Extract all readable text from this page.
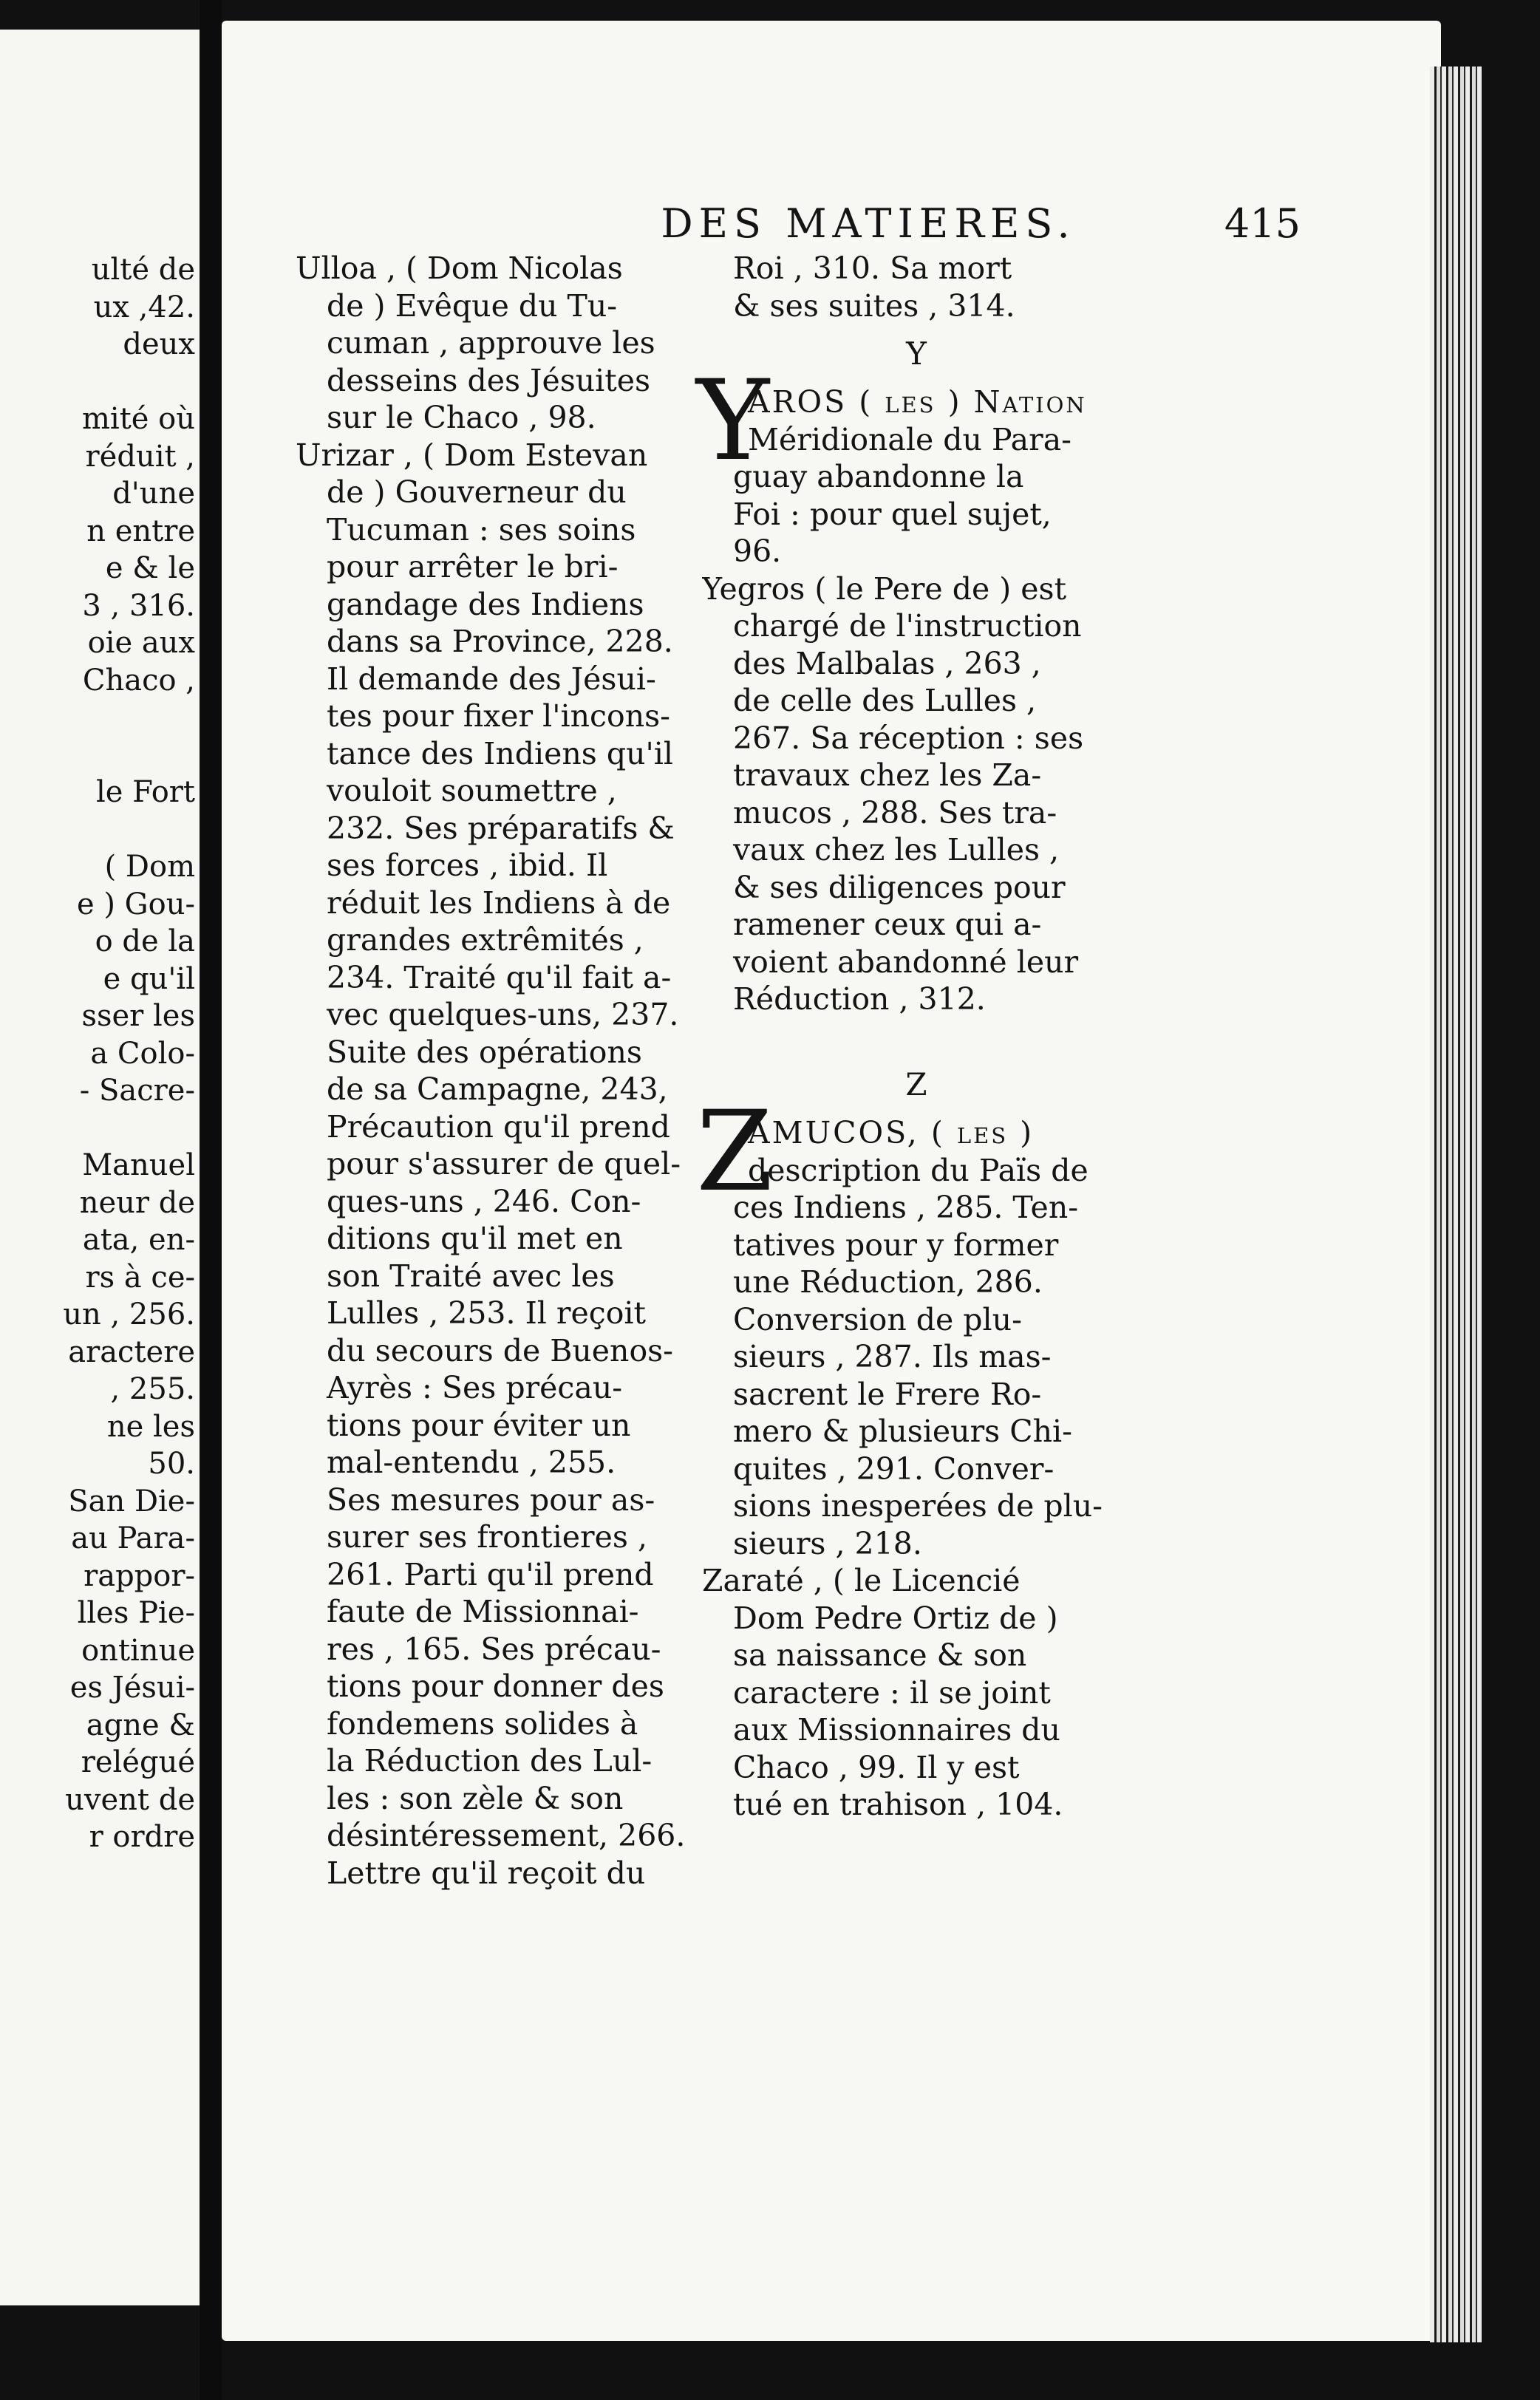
ulté de
ux ,42.
deux
mité où
réduit ,
d'une
n entre
e & le
3 , 316.
oie aux
Chaco ,
le Fort
( Dom
e ) Gou-
o de la
e qu'il
sser les
a Colo-
- Sacre-
Manuel
neur de
ata, en-
rs à ce-
un , 256.
aractere
, 255.
ne les
50.
San Die-
au Para-
rappor-
lles Pie-
ontinue
es Jésui-
agne &
relégué
uvent de
r ordre
DES MATIERES.	415
Ulloa , ( Dom Nicolas
de ) Evêque du Tu-
cuman , approuve les
desseins des Jésuites
sur le Chaco , 98.
Urizar , ( Dom Estevan
de ) Gouverneur du
Tucuman : ses soins
pour arrêter le bri-
gandage des Indiens
dans sa Province, 228.
Il demande des Jésui-
tes pour fixer l'incons-
tance des Indiens qu'il
vouloit soumettre ,
232. Ses préparatifs &
ses forces , ibid. Il
réduit les Indiens à de
grandes extrêmités ,
234. Traité qu'il fait a-
vec quelques-uns, 237.
Suite des opérations
de sa Campagne, 243,
Précaution qu'il prend
pour s'assurer de quel-
ques-uns , 246. Con-
ditions qu'il met en
son Traité avec les
Lulles , 253. Il reçoit
du secours de Buenos-
Ayrès : Ses précau-
tions pour éviter un
mal-entendu , 255.
Ses mesures pour as-
surer ses frontieres ,
261. Parti qu'il prend
faute de Missionnai-
res , 165. Ses précau-
tions pour donner des
fondemens solides à
la Réduction des Lul-
les : son zèle & son
désintéressement, 266.
Lettre qu'il reçoit du
Roi , 310. Sa mort
& ses suites , 314.
Y
Y
AROS ( les ) Nation
Méridionale du Para-
guay abandonne la
Foi : pour quel sujet,
96.
Yegros ( le Pere de ) est
chargé de l'instruction
des Malbalas , 263 ,
de celle des Lulles ,
267. Sa réception : ses
travaux chez les Za-
mucos , 288. Ses tra-
vaux chez les Lulles ,
& ses diligences pour
ramener ceux qui a-
voient abandonné leur
Réduction , 312.
Z
Z
AMUCOS, ( les )
description du Païs de
ces Indiens , 285. Ten-
tatives pour y former
une Réduction, 286.
Conversion de plu-
sieurs , 287. Ils mas-
sacrent le Frere Ro-
mero & plusieurs Chi-
quites , 291. Conver-
sions inesperées de plu-
sieurs , 218.
Zaraté , ( le Licencié
Dom Pedre Ortiz de )
sa naissance & son
caractere : il se joint
aux Missionnaires du
Chaco , 99. Il y est
tué en trahison , 104.
